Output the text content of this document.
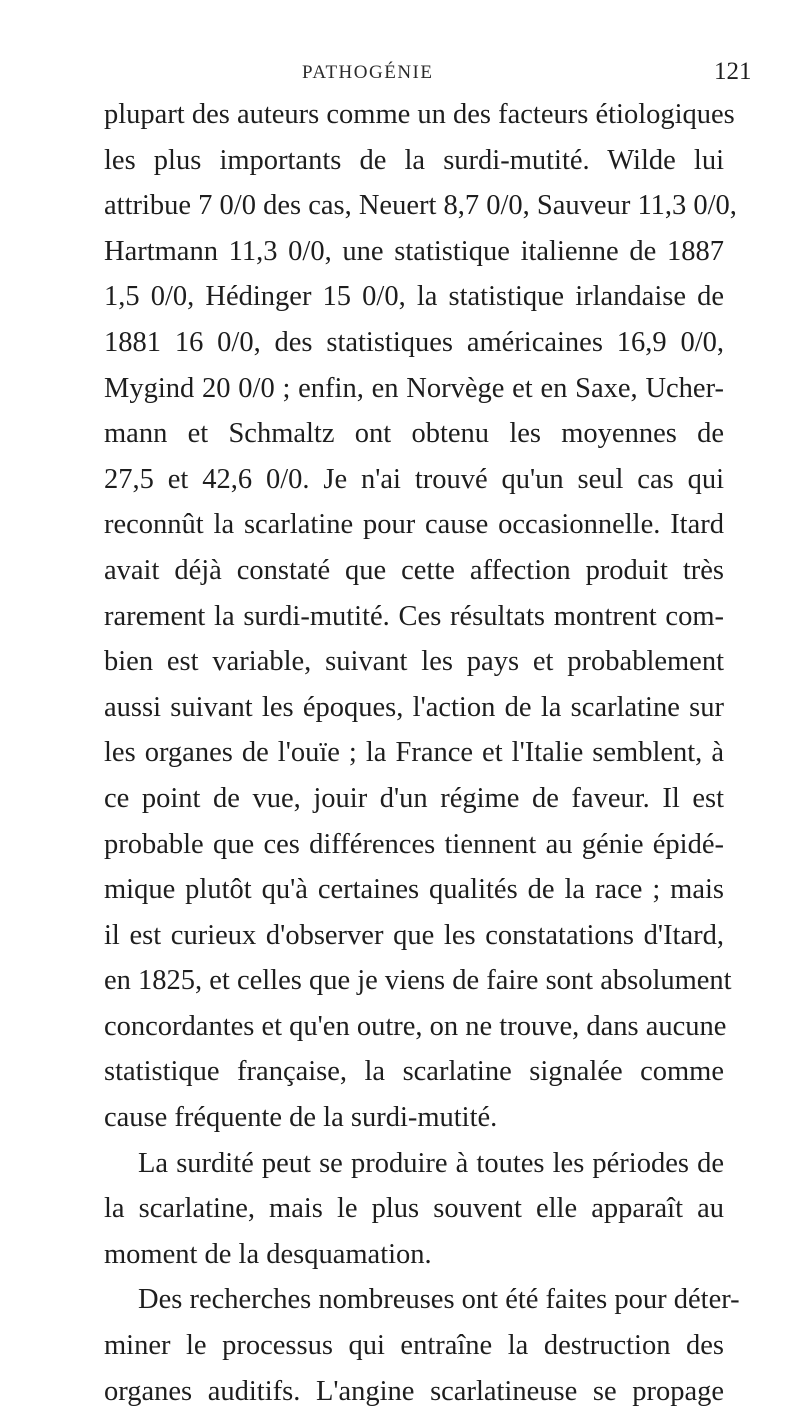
PATHOGÉNIE	121
plupart des auteurs comme un des facteurs étiologiques
les plus importants de la surdi-mutité. Wilde lui
attribue 7 0/0 des cas, Neuert 8,7 0/0, Sauveur 11,3 0/0,
Hartmann 11,3 0/0, une statistique italienne de 1887
1,5 0/0, Hédinger 15 0/0, la statistique irlandaise de
1881 16 0/0, des statistiques américaines 16,9 0/0,
Mygind 20 0/0 ; enfin, en Norvège et en Saxe, Ucher-
mann et Schmaltz ont obtenu les moyennes de
27,5 et 42,6 0/0. Je n'ai trouvé qu'un seul cas qui
reconnût la scarlatine pour cause occasionnelle. Itard
avait déjà constaté que cette affection produit très
rarement la surdi-mutité. Ces résultats montrent com-
bien est variable, suivant les pays et probablement
aussi suivant les époques, l'action de la scarlatine sur
les organes de l'ouïe ; la France et l'Italie semblent, à
ce point de vue, jouir d'un régime de faveur. Il est
probable que ces différences tiennent au génie épidé-
mique plutôt qu'à certaines qualités de la race ; mais
il est curieux d'observer que les constatations d'Itard,
en 1825, et celles que je viens de faire sont absolument
concordantes et qu'en outre, on ne trouve, dans aucune
statistique française, la scarlatine signalée comme
cause fréquente de la surdi-mutité.
La surdité peut se produire à toutes les périodes de
la scarlatine, mais le plus souvent elle apparaît au
moment de la desquamation.
Des recherches nombreuses ont été faites pour déter-
miner le processus qui entraîne la destruction des
organes auditifs. L'angine scarlatineuse se propage
